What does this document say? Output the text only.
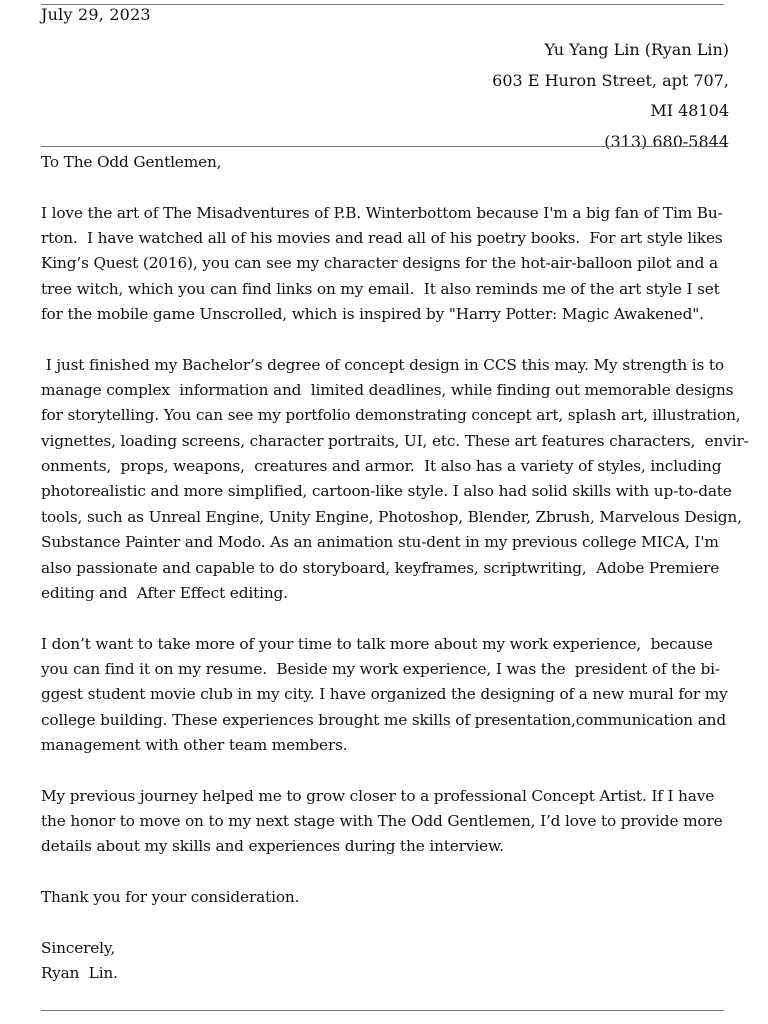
July 29, 2023
Yu Yang Lin (Ryan Lin)
603 E Huron Street, apt 707,
MI 48104
(313) 680-5844
To The Odd Gentlemen,
I love the art of The Misadventures of P.B. Winterbottom because I'm a big fan of Tim Bu-
rton.  I have watched all of his movies and read all of his poetry books.  For art style likes
King’s Quest (2016), you can see my character designs for the hot-air-balloon pilot and a
tree witch, which you can find links on my email.  It also reminds me of the art style I set
for the mobile game Unscrolled, which is inspired by "Harry Potter: Magic Awakened".
I just finished my Bachelor’s degree of concept design in CCS this may. My strength is to
manage complex  information and  limited deadlines, while finding out memorable designs
for storytelling. You can see my portfolio demonstrating concept art, splash art, illustration,
vignettes, loading screens, character portraits, UI, etc. These art features characters,  envir-
onments,  props, weapons,  creatures and armor.  It also has a variety of styles, including
photorealistic and more simplified, cartoon-like style. I also had solid skills with up-to-date
tools, such as Unreal Engine, Unity Engine, Photoshop, Blender, Zbrush, Marvelous Design,
Substance Painter and Modo. As an animation stu-dent in my previous college MICA, I'm
also passionate and capable to do storyboard, keyframes, scriptwriting,  Adobe Premiere
editing and  After Effect editing.
I don’t want to take more of your time to talk more about my work experience,  because
you can find it on my resume.  Beside my work experience, I was the  president of the bi-
ggest student movie club in my city. I have organized the designing of a new mural for my
college building. These experiences brought me skills of presentation,communication and
management with other team members.
My previous journey helped me to grow closer to a professional Concept Artist. If I have
the honor to move on to my next stage with The Odd Gentlemen, I’d love to provide more
details about my skills and experiences during the interview.
Thank you for your consideration.
Sincerely,
Ryan  Lin.
